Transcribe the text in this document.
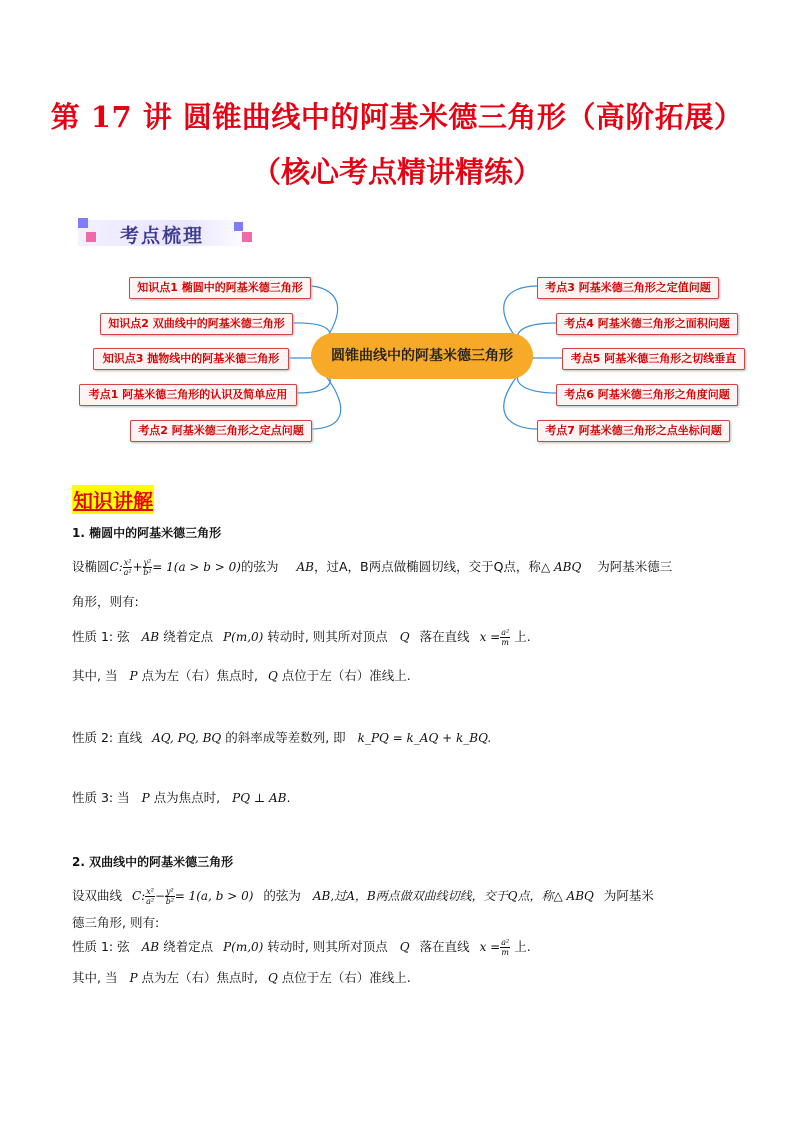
第 17 讲 圆锥曲线中的阿基米德三角形（高阶拓展）
（核心考点精讲精练）
考点梳理
知识点1 椭圆中的阿基米德三角形
知识点2 双曲线中的阿基米德三角形
知识点3 抛物线中的阿基米德三角形
考点1 阿基米德三角形的认识及简单应用
考点2 阿基米德三角形之定点问题
圆锥曲线中的阿基米德三角形
考点3 阿基米德三角形之定值问题
考点4 阿基米德三角形之面积问题
考点5 阿基米德三角形之切线垂直
考点6 阿基米德三角形之角度问题
考点7 阿基米德三角形之点坐标问题
知识讲解
1. 椭圆中的阿基米德三角形
设椭圆C: $\frac{\text{x²}}{\text{a²}} + \frac{\text{y²}}{\text{b²}} = 1(a > b > 0)$的弦为 AB，过A，B两点做椭圆切线，交于Q点，称△ ABQ 为阿基米德三
角形，则有:
性质 1: 弦 AB 绕着定点 P(m,0) 转动时, 则其所对顶点 Q 落在直线 $x = \frac{\text{a²}}{m}$ 上.
其中, 当 P 点为左（右）焦点时, Q 点位于左（右）准线上.
性质 2: 直线 AQ, PQ, BQ 的斜率成等差数列, 即 k_PQ = k_AQ + k_BQ.
性质 3: 当 P 点为焦点时, PQ ⊥ AB.
2. 双曲线中的阿基米德三角形
设双曲线 C: $\frac{\text{x²}}{\text{a²}} - \frac{\text{y²}}{\text{b²}} = 1(a$, b > 0) 的弦为 AB,过A，B两点做双曲线切线，交于Q点，称△ ABQ 为阿基米
德三角形, 则有:
性质 1: 弦 AB 绕着定点 P(m,0) 转动时, 则其所对顶点 Q 落在直线 $x = \frac{\text{a²}}{m}$ 上.
其中, 当 P 点为左（右）焦点时, Q 点位于左（右）准线上.
